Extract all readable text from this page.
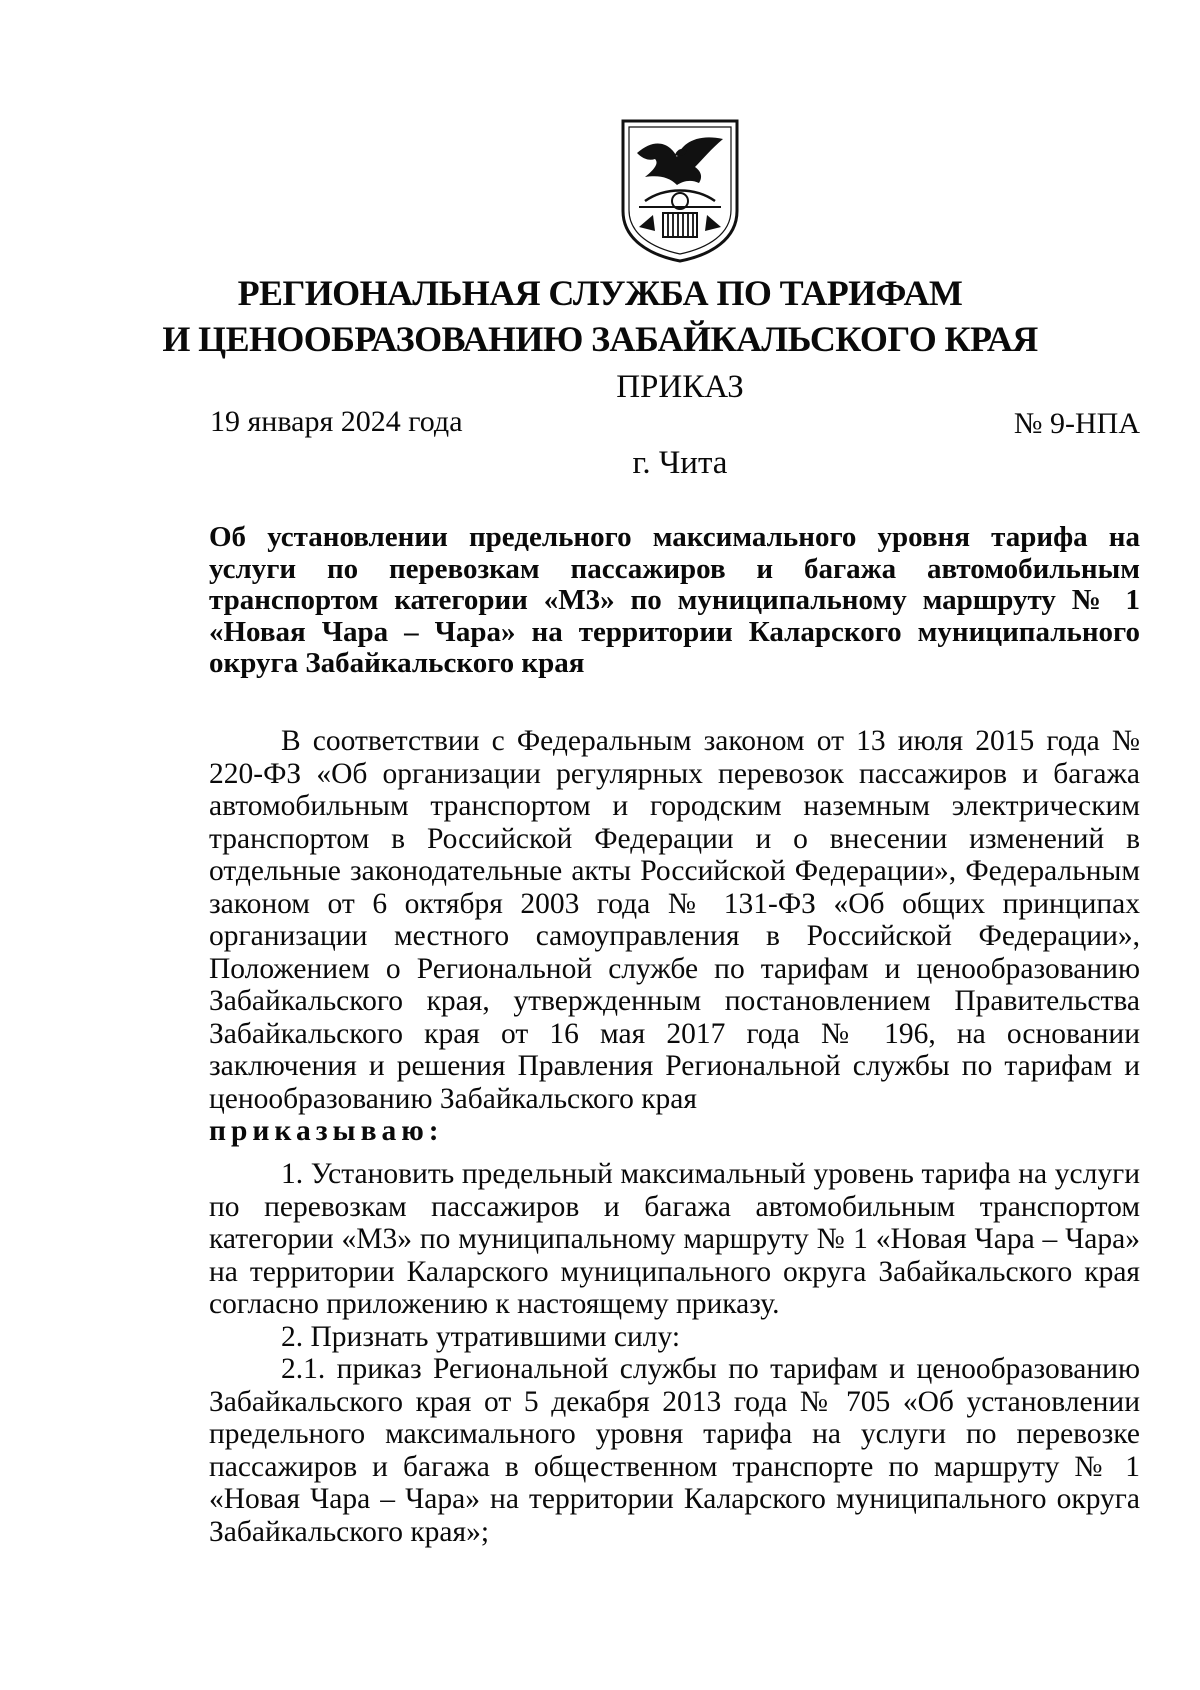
РЕГИОНАЛЬНАЯ СЛУЖБА ПО ТАРИФАМ
И ЦЕНООБРАЗОВАНИЮ ЗАБАЙКАЛЬСКОГО КРАЯ
ПРИКАЗ
19 января 2024 года	№ 9-НПА
г. Чита
Об установлении предельного максимального уровня тарифа на услуги по перевозкам пассажиров и багажа автомобильным транспортом категории «М3» по муниципальному маршруту № 1 «Новая Чара – Чара» на территории Каларского муниципального округа Забайкальского края

В соответствии с Федеральным законом от 13 июля 2015 года № 220-ФЗ «Об организации регулярных перевозок пассажиров и багажа автомобильным транспортом и городским наземным электрическим транспортом в Российской Федерации и о внесении изменений в отдельные законодательные акты Российской Федерации», Федеральным законом от 6 октября 2003 года № 131-ФЗ «Об общих принципах организации местного самоуправления в Российской Федерации», Положением о Региональной службе по тарифам и ценообразованию Забайкальского края, утвержденным постановлением Правительства Забайкальского края от 16 мая 2017 года № 196, на основании заключения и решения Правления Региональной службы по тарифам и ценообразованию Забайкальского края

приказываю:

1. Установить предельный максимальный уровень тарифа на услуги по перевозкам пассажиров и багажа автомобильным транспортом категории «М3» по муниципальному маршруту № 1 «Новая Чара – Чара» на территории Каларского муниципального округа Забайкальского края согласно приложению к настоящему приказу.

2. Признать утратившими силу:

2.1. приказ Региональной службы по тарифам и ценообразованию Забайкальского края от 5 декабря 2013 года № 705 «Об установлении предельного максимального уровня тарифа на услуги по перевозке пассажиров и багажа в общественном транспорте по маршруту № 1 «Новая Чара – Чара» на территории Каларского муниципального округа Забайкальского края»;
